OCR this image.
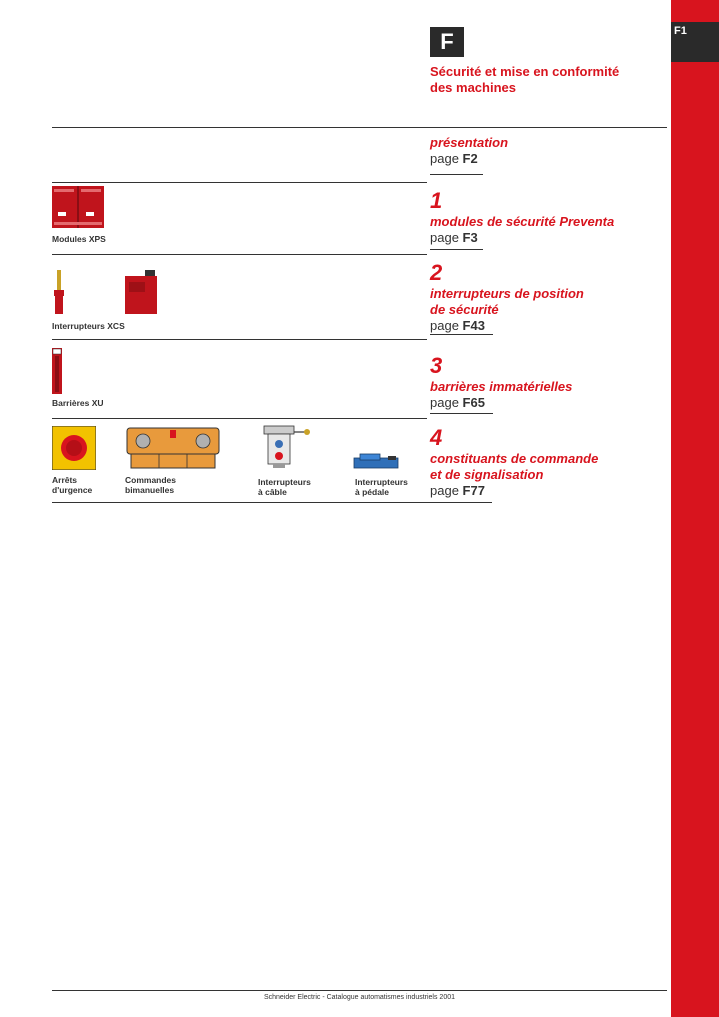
F1
F
Sécurité et mise en conformité
des machines
présentation
page F2
Modules XPS
1
modules de sécurité Preventa
page F3
Interrupteurs XCS
2
interrupteurs de position
de sécurité
page F43
Barrières XU
3
barrières immatérielles
page F65
Arrêts
d'urgence
Commandes
bimanuelles
Interrupteurs
à câble
Interrupteurs
à pédale
4
constituants de commande
et de signalisation
page F77
Schneider Electric - Catalogue automatismes industriels 2001
